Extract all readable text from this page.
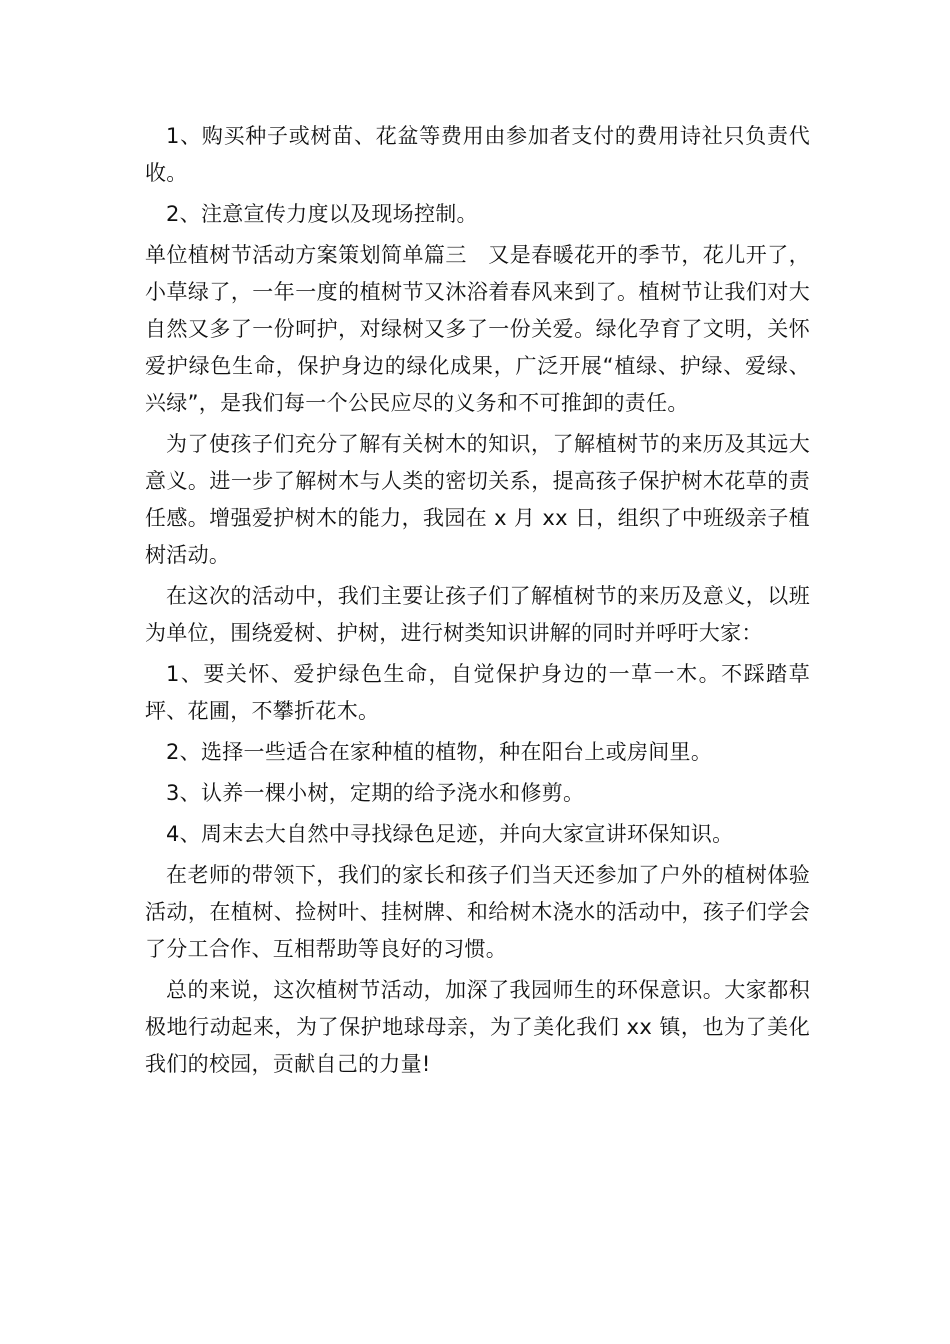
1、购买种子或树苗、花盆等费用由参加者支付的费用诗社只负责代收。

2、注意宣传力度以及现场控制。

单位植树节活动方案策划简单篇三　又是春暖花开的季节，花儿开了，小草绿了，一年一度的植树节又沐浴着春风来到了。植树节让我们对大自然又多了一份呵护，对绿树又多了一份关爱。绿化孕育了文明，关怀爱护绿色生命，保护身边的绿化成果，广泛开展“植绿、护绿、爱绿、兴绿”，是我们每一个公民应尽的义务和不可推卸的责任。

为了使孩子们充分了解有关树木的知识，了解植树节的来历及其远大意义。进一步了解树木与人类的密切关系，提高孩子保护树木花草的责任感。增强爱护树木的能力，我园在 x 月 xx 日，组织了中班级亲子植树活动。

在这次的活动中，我们主要让孩子们了解植树节的来历及意义，以班为单位，围绕爱树、护树，进行树类知识讲解的同时并呼吁大家：

1、要关怀、爱护绿色生命，自觉保护身边的一草一木。不踩踏草坪、花圃，不攀折花木。

2、选择一些适合在家种植的植物，种在阳台上或房间里。

3、认养一棵小树，定期的给予浇水和修剪。

4、周末去大自然中寻找绿色足迹，并向大家宣讲环保知识。

在老师的带领下，我们的家长和孩子们当天还参加了户外的植树体验活动，在植树、捡树叶、挂树牌、和给树木浇水的活动中，孩子们学会了分工合作、互相帮助等良好的习惯。

总的来说，这次植树节活动，加深了我园师生的环保意识。大家都积极地行动起来，为了保护地球母亲，为了美化我们 xx 镇，也为了美化我们的校园，贡献自己的力量!
